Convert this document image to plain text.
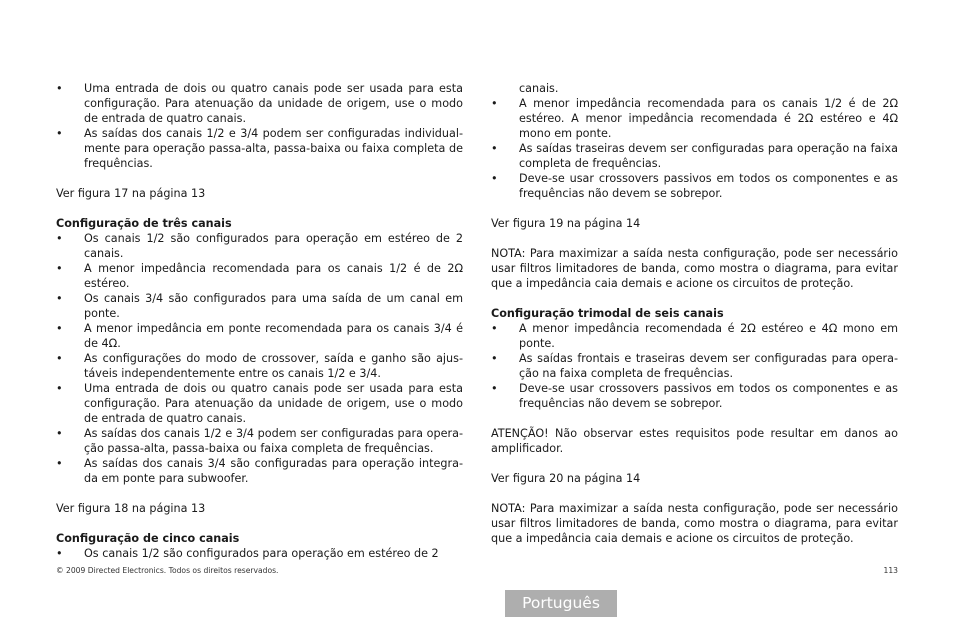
• Uma entrada de dois ou quatro canais pode ser usada para esta configuração. Para atenuação da unidade de origem, use o modo de entrada de quatro canais.
• As saídas dos canais 1/2 e 3/4 podem ser configuradas individual-mente para operação passa-alta, passa-baixa ou faixa completa de frequências.

Ver figura 17 na página 13

Configuração de três canais

• Os canais 1/2 são configurados para operação em estéreo de 2 canais.
• A menor impedância recomendada para os canais 1/2 é de 2Ω estéreo.
• Os canais 3/4 são configurados para uma saída de um canal em ponte.
• A menor impedância em ponte recomendada para os canais 3/4 é de 4Ω.
• As configurações do modo de crossover, saída e ganho são ajus-táveis independentemente entre os canais 1/2 e 3/4.
• Uma entrada de dois ou quatro canais pode ser usada para esta configuração. Para atenuação da unidade de origem, use o modo de entrada de quatro canais.
• As saídas dos canais 1/2 e 3/4 podem ser configuradas para opera-ção passa-alta, passa-baixa ou faixa completa de frequências.
• As saídas dos canais 3/4 são configuradas para operação integra-da em ponte para subwoofer.

Ver figura 18 na página 13

Configuração de cinco canais

• Os canais 1/2 são configurados para operação em estéreo de 2

canais.

• A menor impedância recomendada para os canais 1/2 é de 2Ω estéreo. A menor impedância recomendada é 2Ω estéreo e 4Ω mono em ponte.
• As saídas traseiras devem ser configuradas para operação na faixa completa de frequências.
• Deve-se usar crossovers passivos em todos os componentes e as frequências não devem se sobrepor.

Ver figura 19 na página 14

NOTA: Para maximizar a saída nesta configuração, pode ser necessário usar filtros limitadores de banda, como mostra o diagrama, para evitar que a impedância caia demais e acione os circuitos de proteção.

Configuração trimodal de seis canais

• A menor impedância recomendada é 2Ω estéreo e 4Ω mono em ponte.
• As saídas frontais e traseiras devem ser configuradas para opera-ção na faixa completa de frequências.
• Deve-se usar crossovers passivos em todos os componentes e as frequências não devem se sobrepor.

ATENÇÃO! Não observar estes requisitos pode resultar em danos ao amplificador.

Ver figura 20 na página 14

NOTA: Para maximizar a saída nesta configuração, pode ser necessário usar filtros limitadores de banda, como mostra o diagrama, para evitar que a impedância caia demais e acione os circuitos de proteção.

© 2009 Directed Electronics. Todos os direitos reservados.	113
Português
